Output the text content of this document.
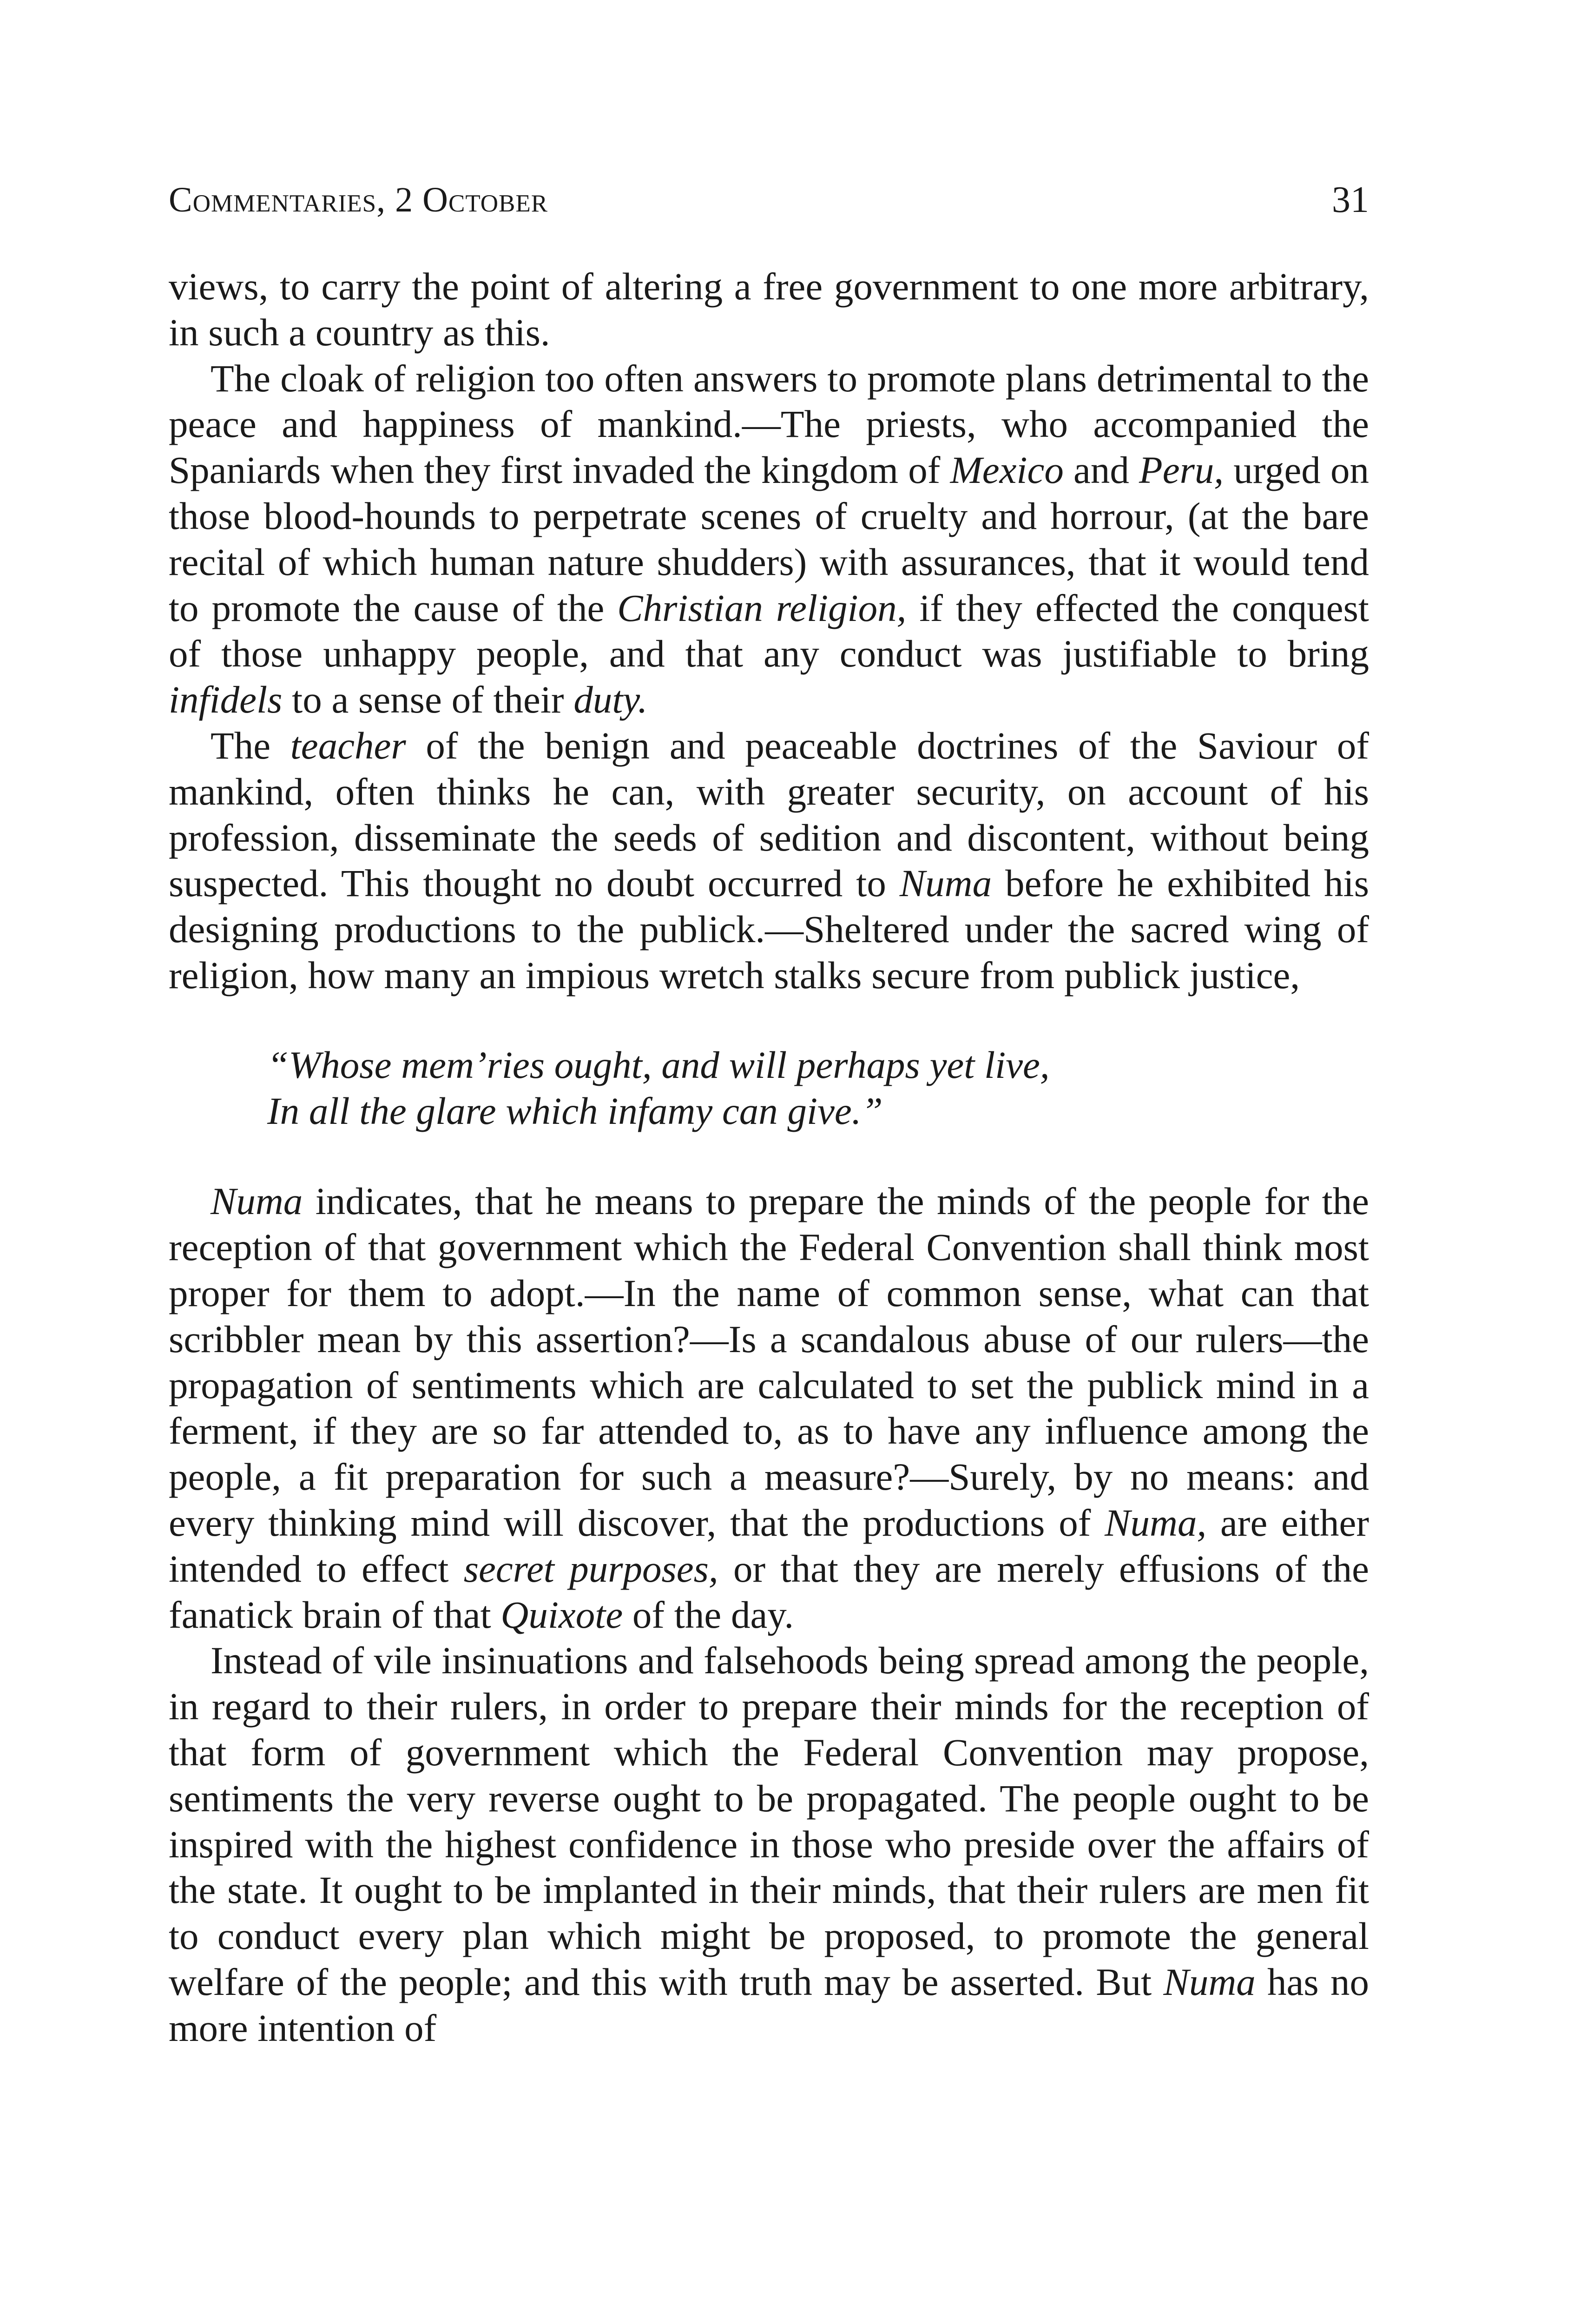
Commentaries, 2 October	31

views, to carry the point of altering a free government to one more arbitrary, in such a country as this.

The cloak of religion too often answers to promote plans detrimental to the peace and happiness of mankind.—The priests, who accompanied the Spaniards when they first invaded the kingdom of Mexico and Peru, urged on those blood-hounds to perpetrate scenes of cruelty and horrour, (at the bare recital of which human nature shudders) with assurances, that it would tend to promote the cause of the Christian religion, if they effected the conquest of those unhappy people, and that any conduct was justifiable to bring infidels to a sense of their duty.

The teacher of the benign and peaceable doctrines of the Saviour of mankind, often thinks he can, with greater security, on account of his profession, disseminate the seeds of sedition and discontent, without being suspected. This thought no doubt occurred to Numa before he exhibited his designing productions to the publick.—Sheltered under the sacred wing of religion, how many an impious wretch stalks secure from publick justice,

“Whose mem’ries ought, and will perhaps yet live,
In all the glare which infamy can give.”

Numa indicates, that he means to prepare the minds of the people for the reception of that government which the Federal Convention shall think most proper for them to adopt.—In the name of common sense, what can that scribbler mean by this assertion?—Is a scandalous abuse of our rulers—the propagation of sentiments which are calculated to set the publick mind in a ferment, if they are so far attended to, as to have any influence among the people, a fit preparation for such a measure?—Surely, by no means: and every thinking mind will discover, that the productions of Numa, are either intended to effect secret purposes, or that they are merely effusions of the fanatick brain of that Quixote of the day.

Instead of vile insinuations and falsehoods being spread among the people, in regard to their rulers, in order to prepare their minds for the reception of that form of government which the Federal Convention may propose, sentiments the very reverse ought to be propagated. The people ought to be inspired with the highest confidence in those who preside over the affairs of the state. It ought to be implanted in their minds, that their rulers are men fit to conduct every plan which might be proposed, to promote the general welfare of the people; and this with truth may be asserted. But Numa has no more intention of
